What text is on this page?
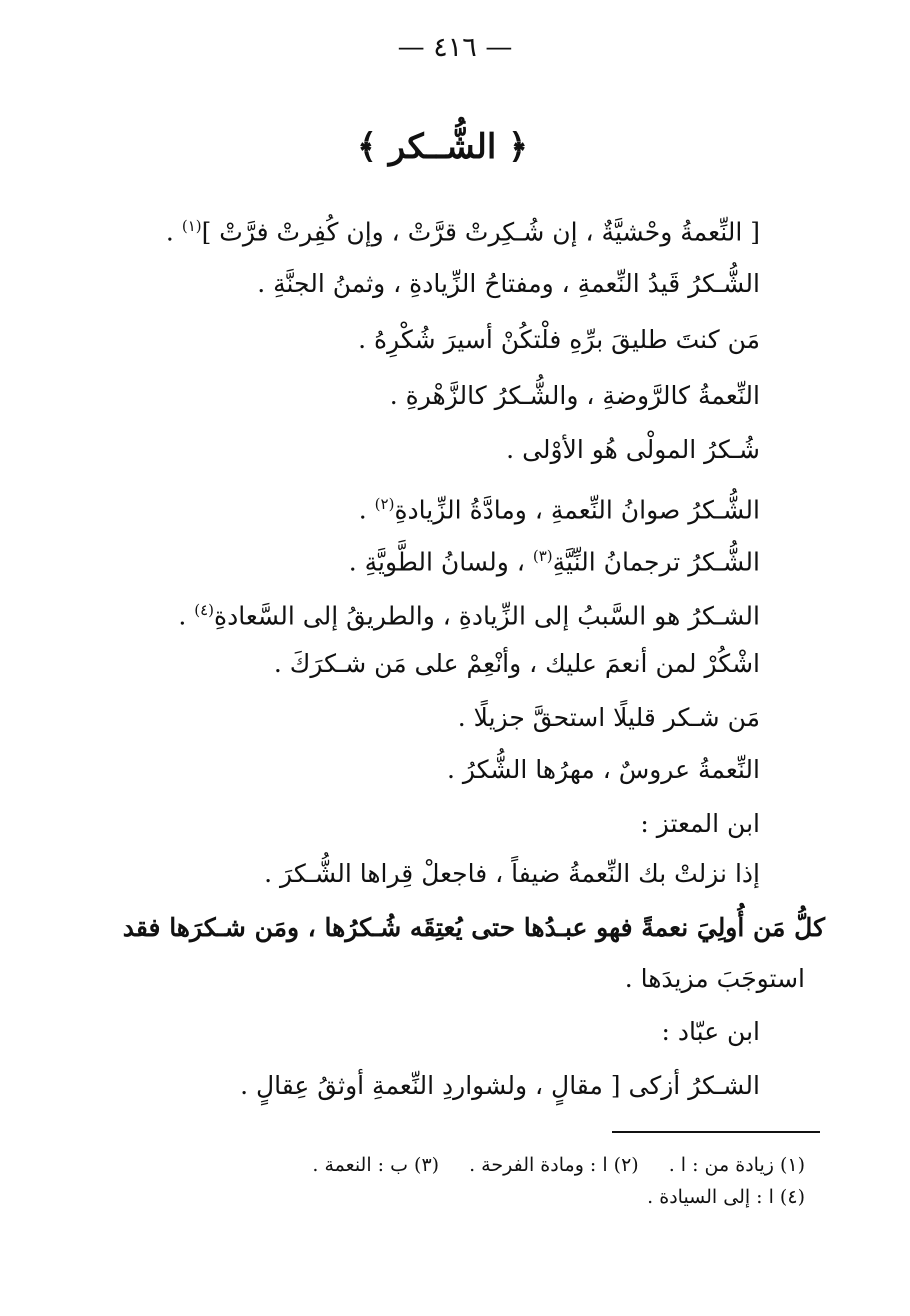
— ٤١٦ —
﴿ الشُّــكر ﴾
[ النِّعمةُ وحْشيَّةٌ ، إن شُـكِرتْ قرَّتْ ، وإن كُفِرتْ فرَّتْ ]$^{(١)}$ .
الشُّـكرُ قَيدُ النِّعمةِ ، ومفتاحُ الزِّيادةِ ، وثمنُ الجنَّةِ .
مَن كنتَ طليقَ برِّهِ فلْتكُنْ أسيرَ شُكْرِهُ .
النِّعمةُ كالرَّوضةِ ، والشُّـكرُ كالزَّهْرةِ .
شُـكرُ المولْى هُو الأوْلى .
الشُّـكرُ صوانُ النِّعمةِ ، ومادَّةُ الزِّيادةِ$^{(٢)}$ .
الشُّـكرُ ترجمانُ النِّيَّةِ$^{(٣)}$ ، ولسانُ الطَّويَّةِ .
الشـكرُ هو السَّببُ إلى الزِّيادةِ ، والطريقُ إلى السَّعادةِ$^{(٤)}$ .
اشْكُرْ لمن أنعمَ عليك ، وأنْعِمْ على مَن شـكرَكَ .
مَن شـكر قليلًا استحقَّ جزيلًا .
النِّعمةُ عروسٌ ، مهرُها الشُّكرُ .
ابن المعتز :
إذا نزلتْ بك النِّعمةُ ضيفاً ، فاجعلْ قِراها الشُّـكرَ .
كلُّ مَن أُولِيَ نعمةً فهو عبـدُها حتى يُعتِقَه شُـكرُها ، ومَن شـكرَها فقد
استوجَبَ مزيدَها .
ابن عبّاد :
الشـكرُ أزكى [ مقالٍ ، ولشواردِ النِّعمةِ أوثقُ عِقالٍ .
(١) زيادة من : ا .
(٢) ا : ومادة الفرحة .
(٣) ب : النعمة .
(٤) ا : إلى السيادة .
